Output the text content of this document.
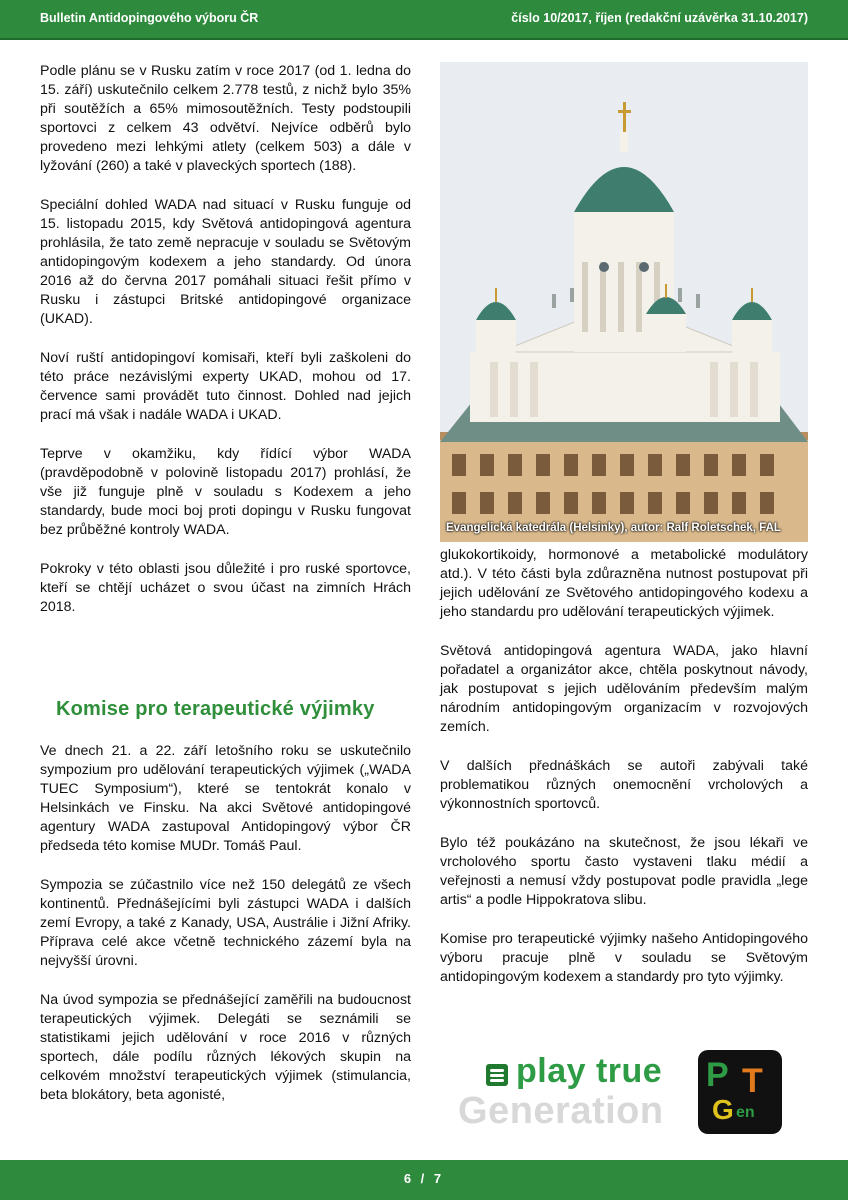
Bulletin Antidopingového výboru ČR	číslo 10/2017, říjen (redakční uzávěrka 31.10.2017)

Podle plánu se v Rusku zatím v roce 2017 (od 1. ledna do 15. září) uskutečnilo celkem 2.778 testů, z nichž bylo 35% při soutěžích a 65% mimosoutěžních. Testy podstoupili sportovci z celkem 43 odvětví. Nejvíce odběrů bylo provedeno mezi lehkými atlety (celkem 503) a dále v lyžování (260) a také v plaveckých sportech (188).

Speciální dohled WADA nad situací v Rusku funguje od 15. listopadu 2015, kdy Světová antidopingová agentura prohlásila, že tato země nepracuje v souladu se Světovým antidopingovým kodexem a jeho standardy. Od února 2016 až do června 2017 pomáhali situaci řešit přímo v Rusku i zástupci Britské antidopingové organizace (UKAD).

Noví ruští antidopingoví komisaři, kteří byli zaškoleni do této práce nezávislými experty UKAD, mohou od 17. července sami provádět tuto činnost. Dohled nad jejich prací má však i nadále WADA i UKAD.

Teprve v okamžiku, kdy řídící výbor WADA (pravděpodobně v polovině listopadu 2017) prohlásí, že vše již funguje plně v souladu s Kodexem a jeho standardy, bude moci boj proti dopingu v Rusku fungovat bez průběžné kontroly WADA.

Pokroky v této oblasti jsou důležité i pro ruské sportovce, kteří se chtějí ucházet o svou účast na zimních Hrách 2018.

Komise pro terapeutické výjimky

Ve dnech 21. a 22. září letošního roku se uskutečnilo sympozium pro udělování terapeutických výjimek („WADA TUEC Symposium“), které se tentokrát konalo v Helsinkách ve Finsku. Na akci Světové antidopingové agentury WADA zastupoval Antidopingový výbor ČR předseda této komise MUDr. Tomáš Paul.

Sympozia se zúčastnilo více než 150 delegátů ze všech kontinentů. Přednášejícími byli zástupci WADA i dalších zemí Evropy, a také z Kanady, USA, Austrálie i Jižní Afriky. Příprava celé akce včetně technického zázemí byla na nejvyšší úrovni.

Na úvod sympozia se přednášející zaměřili na budoucnost terapeutických výjimek. Delegáti se seznámili se statistikami jejich udělování v roce 2016 v různých sportech, dále podílu různých lékových skupin na celkovém množství terapeutických výjimek (stimulancia, beta blokátory, beta agonisté,

Evangelická katedrála (Helsinky), autor: Ralf Roletschek, FAL

glukokortikoidy, hormonové a metabolické modulátory atd.). V této části byla zdůrazněna nutnost postupovat při jejich udělování ze Světového antidopingového kodexu a jeho standardu pro udělování terapeutických výjimek.

Světová antidopingová agentura WADA, jako hlavní pořadatel a organizátor akce, chtěla poskytnout návody, jak postupovat s jejich udělováním především malým národním antidopingovým organizacím v rozvojových zemích.

V dalších přednáškách se autoři zabývali také problematikou různých onemocnění vrcholových a výkonnostních sportovců.

Bylo též poukázáno na skutečnost, že jsou lékaři ve vrcholového sportu často vystaveni tlaku médií a veřejnosti a nemusí vždy postupovat podle pravidla „lege artis“ a podle Hippokratova slibu.

Komise pro terapeutické výjimky našeho Antidopingového výboru pracuje plně v souladu se Světovým antidopingovým kodexem a standardy pro tyto výjimky.

play true
Generation
P T
G en
6 / 7
